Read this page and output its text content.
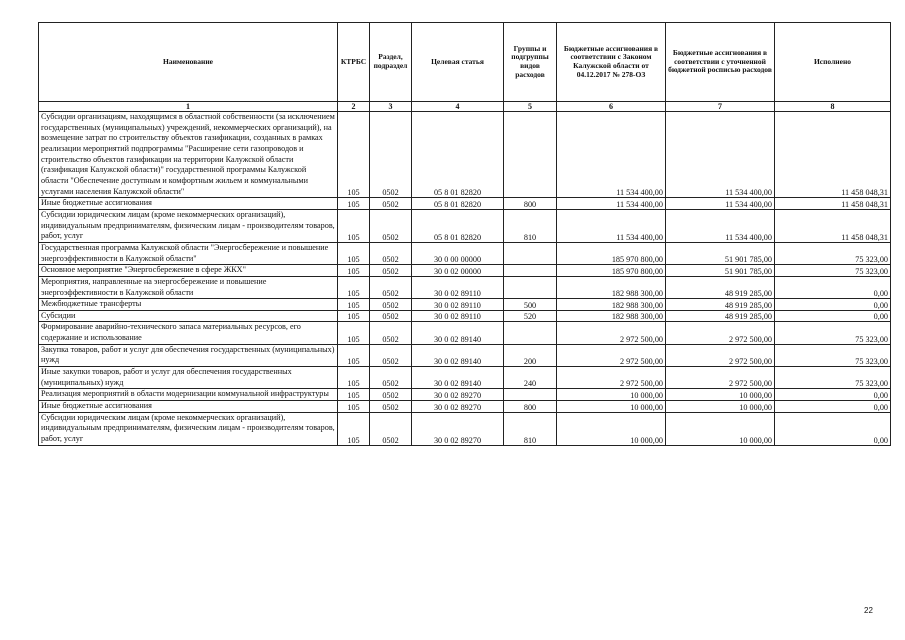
Наименование	КТРБС	Раздел, подраздел	Целевая статья	Группы и подгруппы видов расходов	Бюджетные ассигнования в соответствии с Законом Калужской области от 04.12.2017 № 278-ОЗ	Бюджетные ассигнования в соответствии с уточненной бюджетной росписью расходов	Исполнено
1	2	3	4	5	6	7	8
Субсидии организациям, находящимся в областной собственности (за исключением государственных (муниципальных) учреждений, некоммерческих организаций), на возмещение затрат по строительству объектов газификации, созданных в рамках реализации мероприятий подпрограммы "Расширение сети газопроводов и строительство объектов газификации на территории Калужской области (газификация Калужской области)" государственной программы Калужской области "Обеспечение доступным и комфортным жильем и коммунальными услугами населения Калужской области"	105	0502	05 8 01 82820		11 534 400,00	11 534 400,00	11 458 048,31
Иные бюджетные ассигнования	105	0502	05 8 01 82820	800	11 534 400,00	11 534 400,00	11 458 048,31
Субсидии юридическим лицам (кроме некоммерческих организаций), индивидуальным предпринимателям, физическим лицам - производителям товаров, работ, услуг	105	0502	05 8 01 82820	810	11 534 400,00	11 534 400,00	11 458 048,31
Государственная программа Калужской области "Энергосбережение и повышение энергоэффективности в Калужской области"	105	0502	30 0 00 00000		185 970 800,00	51 901 785,00	75 323,00
Основное мероприятие "Энергосбережение в сфере ЖКХ"	105	0502	30 0 02 00000		185 970 800,00	51 901 785,00	75 323,00
Мероприятия, направленные на энергосбережение и повышение энергоэффективности в Калужской области	105	0502	30 0 02 89110		182 988 300,00	48 919 285,00	0,00
Межбюджетные трансферты	105	0502	30 0 02 89110	500	182 988 300,00	48 919 285,00	0,00
Субсидии	105	0502	30 0 02 89110	520	182 988 300,00	48 919 285,00	0,00
Формирование аварийно-технического запаса материальных ресурсов, его содержание и использование	105	0502	30 0 02 89140		2 972 500,00	2 972 500,00	75 323,00
Закупка товаров, работ и услуг для обеспечения государственных (муниципальных) нужд	105	0502	30 0 02 89140	200	2 972 500,00	2 972 500,00	75 323,00
Иные закупки товаров, работ и услуг для обеспечения государственных (муниципальных) нужд	105	0502	30 0 02 89140	240	2 972 500,00	2 972 500,00	75 323,00
Реализация мероприятий в области модернизации коммунальной инфраструктуры	105	0502	30 0 02 89270		10 000,00	10 000,00	0,00
Иные бюджетные ассигнования	105	0502	30 0 02 89270	800	10 000,00	10 000,00	0,00
Субсидии юридическим лицам (кроме некоммерческих организаций), индивидуальным предпринимателям, физическим лицам - производителям товаров, работ, услуг	105	0502	30 0 02 89270	810	10 000,00	10 000,00	0,00
22
